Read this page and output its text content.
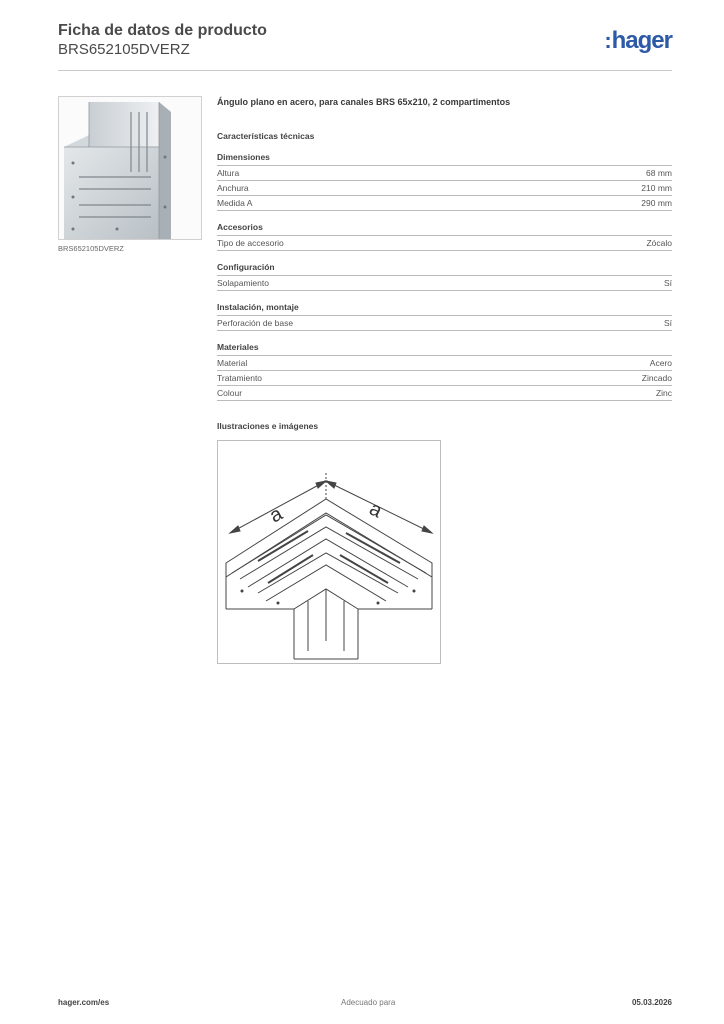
Ficha de datos de producto
BRS652105DVERZ	:hager
BRS652105DVERZ
Ángulo plano en acero, para canales BRS 65x210, 2 compartimentos
Características técnicas
Dimensiones
Altura	68 mm
Anchura	210 mm
Medida A	290 mm
Accesorios
Tipo de accesorio	Zócalo
Configuración
Solapamiento	Sí
Instalación, montaje
Perforación de base	Sí
Materiales
Material	Acero
Tratamiento	Zincado
Colour	Zinc
Ilustraciones e imágenes
a	a
hager.com/es	Adecuado para	05.03.2026
